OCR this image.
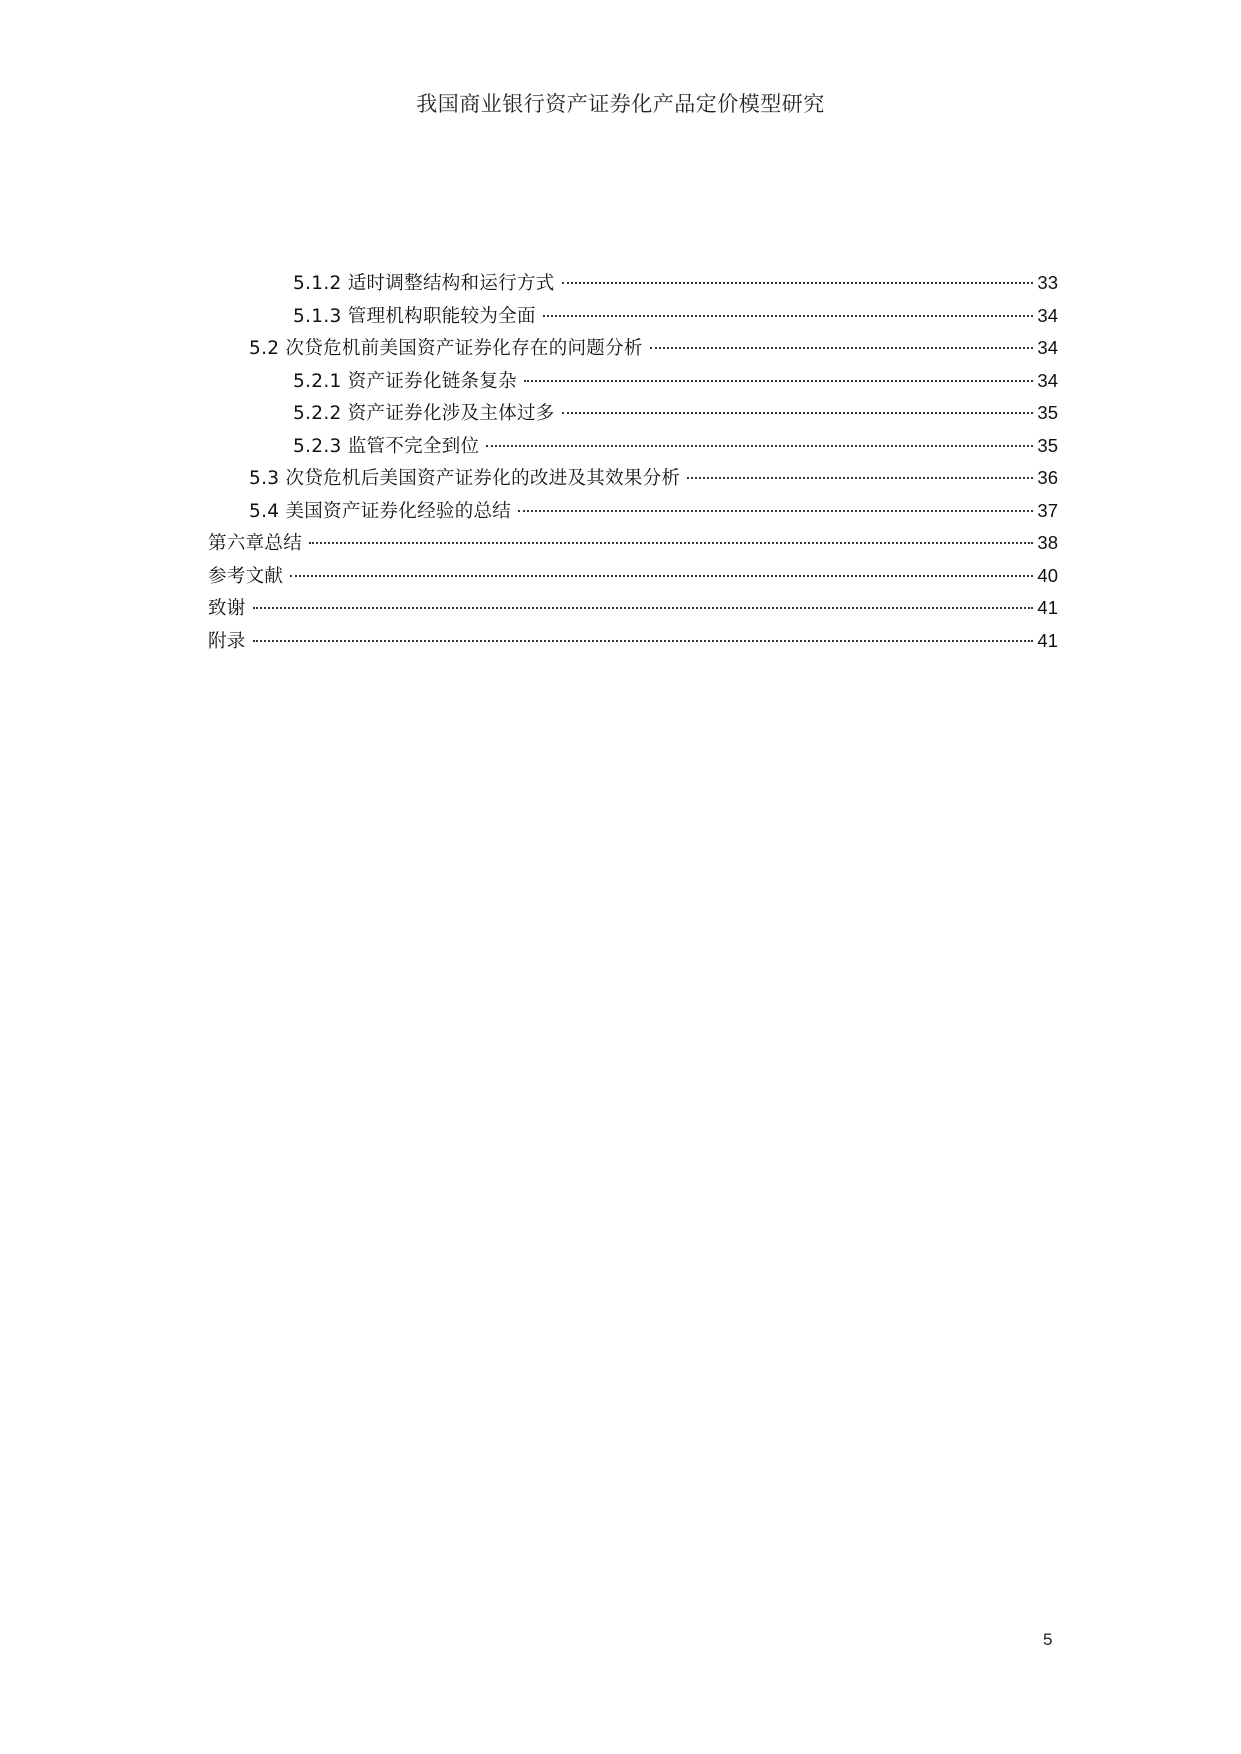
我国商业银行资产证券化产品定价模型研究
5.1.2 适时调整结构和运行方式	33
5.1.3 管理机构职能较为全面	34
5.2 次贷危机前美国资产证券化存在的问题分析	34
5.2.1 资产证券化链条复杂	34
5.2.2 资产证券化涉及主体过多	35
5.2.3 监管不完全到位	35
5.3 次贷危机后美国资产证券化的改进及其效果分析	36
5.4 美国资产证券化经验的总结	37
第六章总结	38
参考文献	40
致谢	41
附录	41
5
